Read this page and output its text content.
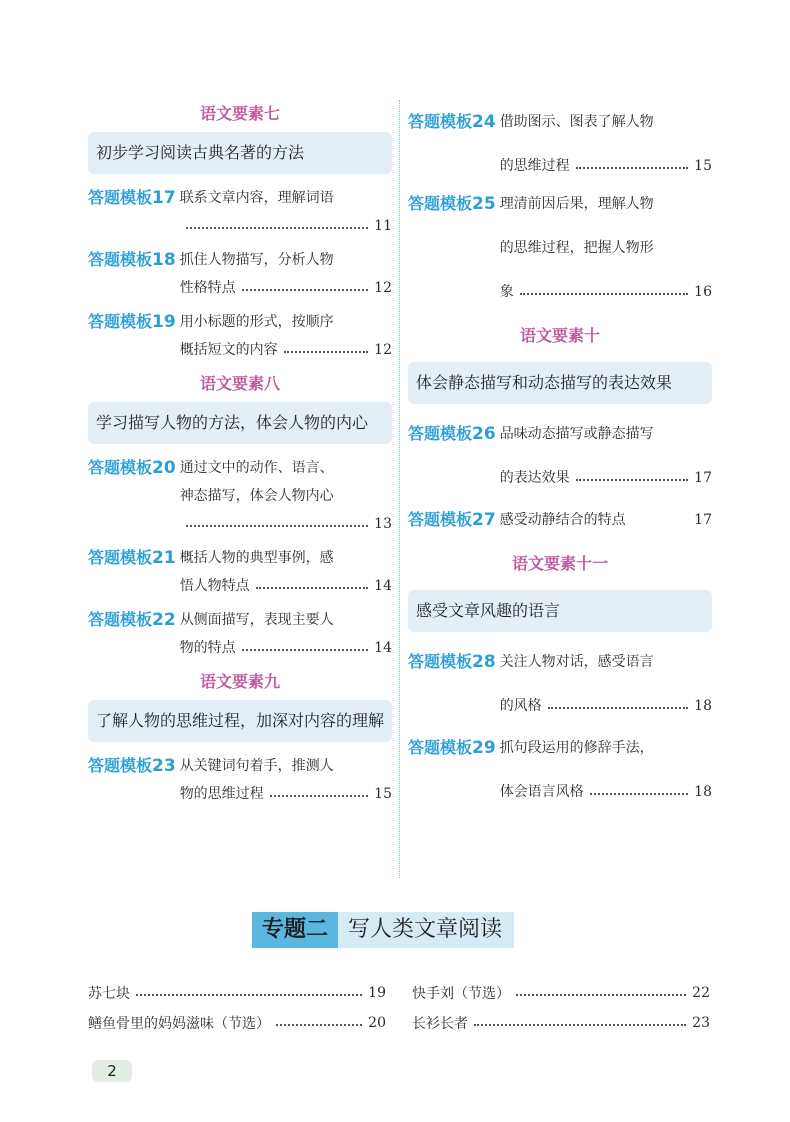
语文要素七
初步学习阅读古典名著的方法
答题模板17 联系文章内容，理解词语
11
答题模板18 抓住人物描写，分析人物
性格特点	12
答题模板19 用小标题的形式，按顺序
概括短文的内容	12
语文要素八
学习描写人物的方法，体会人物的内心
答题模板20 通过文中的动作、语言、
神态描写，体会人物内心
13
答题模板21 概括人物的典型事例，感
悟人物特点	14
答题模板22 从侧面描写，表现主要人
物的特点	14
语文要素九
了解人物的思维过程，加深对内容的理解
答题模板23 从关键词句着手，推测人
物的思维过程	15
答题模板24 借助图示、图表了解人物
的思维过程	15
答题模板25 理清前因后果，理解人物
的思维过程，把握人物形
象	16
语文要素十
体会静态描写和动态描写的表达效果
答题模板26 品味动态描写或静态描写
的表达效果	17
答题模板27 感受动静结合的特点	17
语文要素十一
感受文章风趣的语言
答题模板28 关注人物对话，感受语言
的风格	18
答题模板29 抓句段运用的修辞手法，
体会语言风格	18
专题二 写人类文章阅读
苏七块	19
鳝鱼骨里的妈妈滋味（节选）	20
快手刘（节选）	22
长衫长者	23
2
